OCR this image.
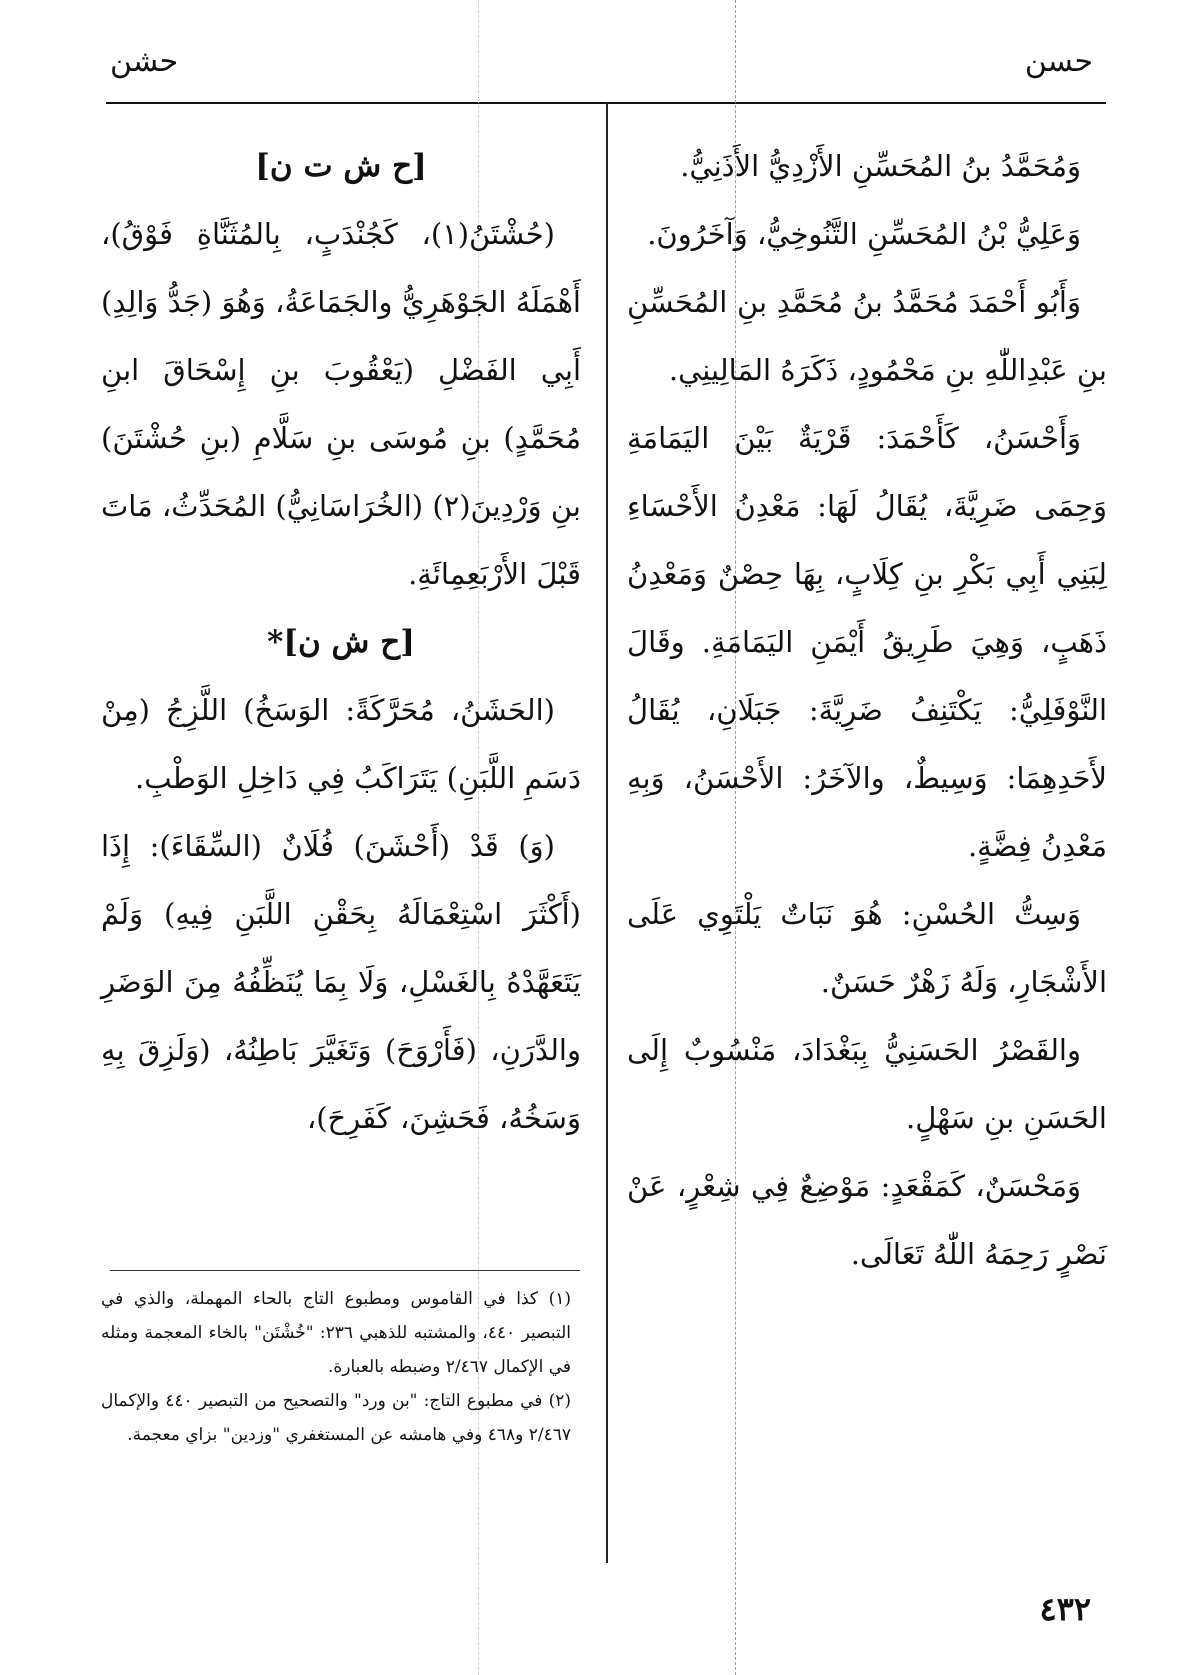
حسن
حشن

وَمُحَمَّدُ بنُ المُحَسِّنِ الأَزْدِيُّ الأَذَنِيُّ.

وَعَلِيُّ بْنُ المُحَسِّنِ التَّنُوخِيُّ، وَآخَرُونَ.

وَأَبُو أَحْمَدَ مُحَمَّدُ بنُ مُحَمَّدِ بنِ المُحَسِّنِ بنِ عَبْدِاللّٰهِ بنِ مَحْمُودٍ، ذَكَرَهُ المَالِينِي.

وَأَحْسَنُ، كَأَحْمَدَ: قَرْيَةٌ بَيْنَ اليَمَامَةِ وَحِمَى ضَرِيَّةَ، يُقَالُ لَهَا: مَعْدِنُ الأَحْسَاءِ لِبَنِي أَبِي بَكْرِ بنِ كِلَابٍ، بِهَا حِصْنٌ وَمَعْدِنُ ذَهَبٍ، وَهِيَ طَرِيقُ أَيْمَنِ اليَمَامَةِ. وقَالَ النَّوْفَلِيُّ: يَكْتَنِفُ ضَرِيَّةَ: جَبَلَانِ، يُقَالُ لأَحَدِهِمَا: وَسِيطٌ، والآخَرُ: الأَحْسَنُ، وَبِهِ مَعْدِنُ فِضَّةٍ.

وَسِتُّ الحُسْنِ: هُوَ نَبَاتٌ يَلْتَوِي عَلَى الأَشْجَارِ، وَلَهُ زَهْرٌ حَسَنٌ.

والقَصْرُ الحَسَنِيُّ بِبَغْدَادَ، مَنْسُوبٌ إِلَى الحَسَنِ بنِ سَهْلٍ.

وَمَحْسَنٌ، كَمَقْعَدٍ: مَوْضِعٌ فِي شِعْرٍ، عَنْ نَصْرٍ رَحِمَهُ اللّٰهُ تَعَالَى.

[ح ش ت ن]

(حُشْتَنُ(١)، كَجُنْدَبٍ، بِالمُثَنَّاةِ فَوْقُ)، أَهْمَلَهُ الجَوْهَرِيُّ والجَمَاعَةُ، وَهُوَ (جَدُّ وَالِدِ) أَبِي الفَضْلِ (يَعْقُوبَ بنِ إِسْحَاقَ ابنِ مُحَمَّدٍ) بنِ مُوسَى بنِ سَلَّامِ (بنِ حُشْتَنَ) بنِ وَرْدِينَ(٢) (الخُرَاسَانِيُّ) المُحَدِّثُ، مَاتَ قَبْلَ الأَرْبَعِمِائَةِ.

[ح ش ن]*

(الحَشَنُ، مُحَرَّكَةً: الوَسَخُ) اللَّزِجُ (مِنْ دَسَمِ اللَّبَنِ) يَتَرَاكَبُ فِي دَاخِلِ الوَطْبِ.

(وَ) قَدْ (أَحْشَنَ) فُلَانٌ (السِّقَاءَ): إِذَا (أَكْثَرَ اسْتِعْمَالَهُ بِحَقْنِ اللَّبَنِ فِيهِ) وَلَمْ يَتَعَهَّدْهُ بِالغَسْلِ، وَلَا بِمَا يُنَظِّفُهُ مِنَ الوَضَرِ والدَّرَنِ، (فَأَرْوَحَ) وَتَغَيَّرَ بَاطِنُهُ، (وَلَزِقَ بِهِ وَسَخُهُ، فَحَشِنَ، كَفَرِحَ)،

(١) كذا في القاموس ومطبوع التاج بالحاء المهملة، والذي في التبصير ٤٤٠، والمشتبه للذهبي ٢٣٦: "خُشْتَن" بالخاء المعجمة ومثله في الإكمال ٢/٤٦٧ وضبطه بالعبارة.

(٢) في مطبوع التاج: "بن ورد" والتصحيح من التبصير ٤٤٠ والإكمال ٢/٤٦٧ و٤٦٨ وفي هامشه عن المستغفري "وزدين" بزاي معجمة.

٤٣٢
